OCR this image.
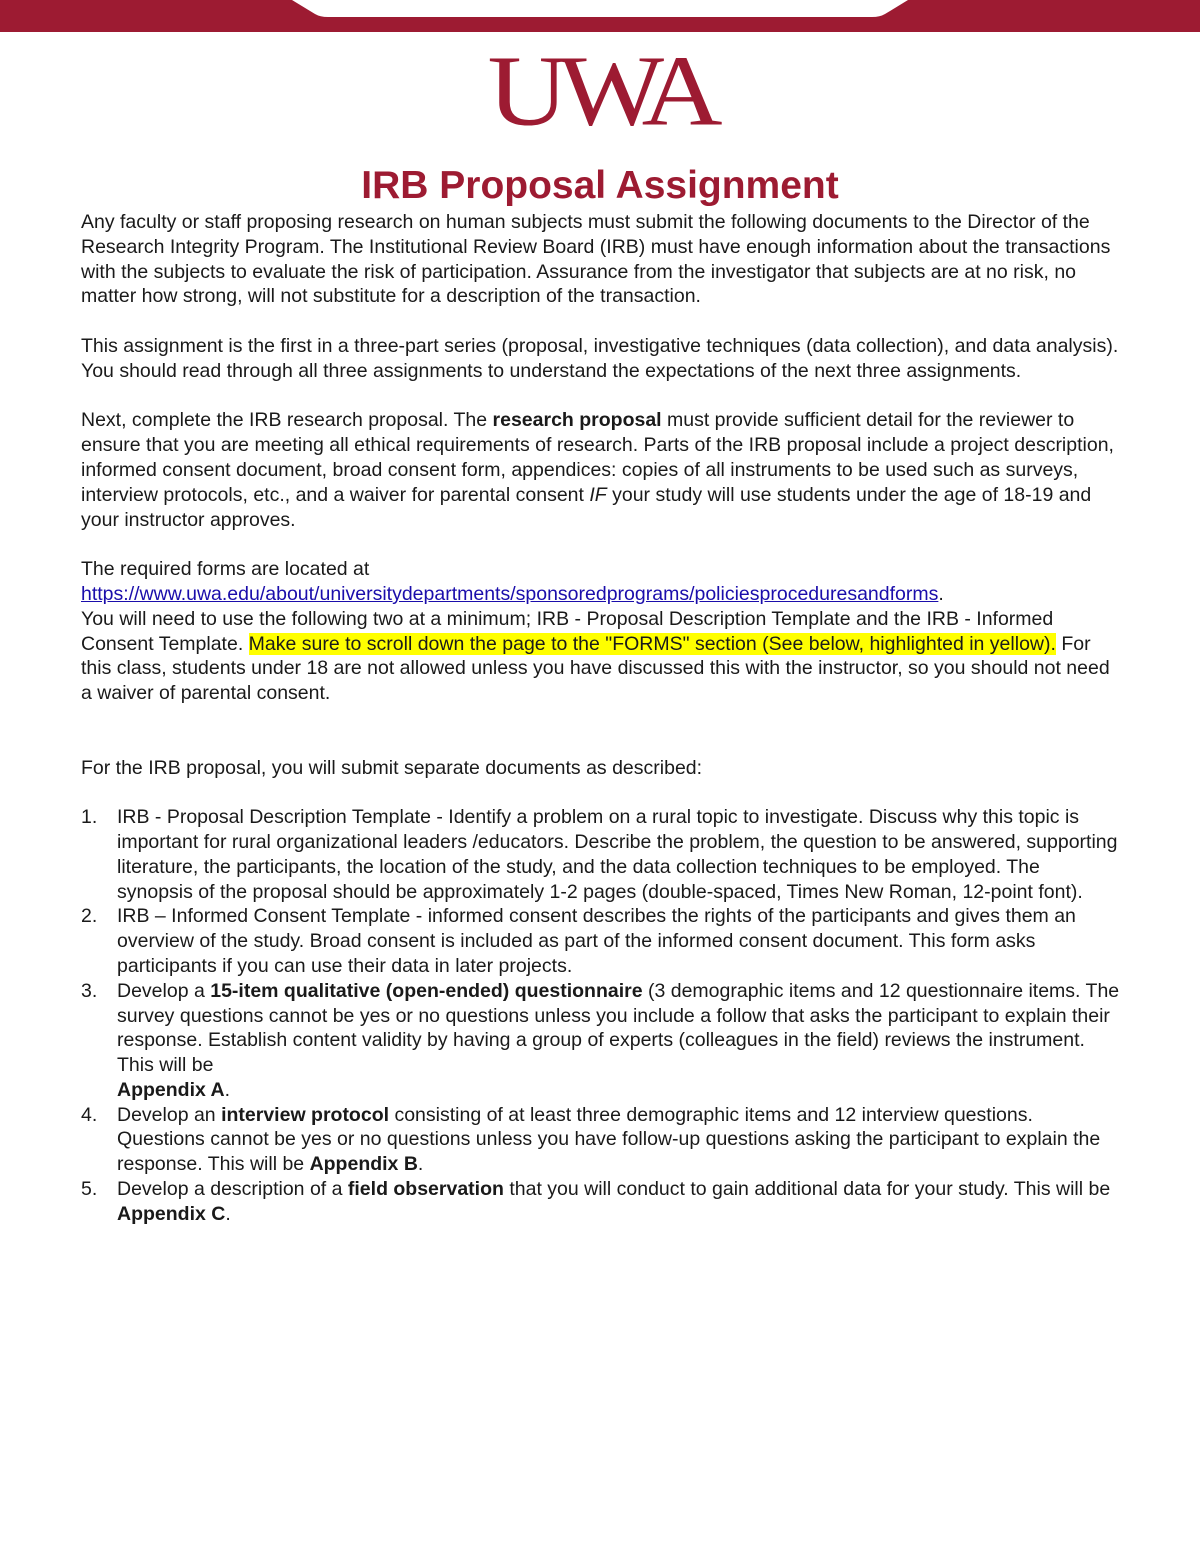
UWA
IRB Proposal Assignment

Any faculty or staff proposing research on human subjects must submit the following documents to the Director of the Research Integrity Program. The Institutional Review Board (IRB) must have enough information about the transactions with the subjects to evaluate the risk of participation. Assurance from the investigator that subjects are at no risk, no matter how strong, will not substitute for a description of the transaction.

This assignment is the first in a three-part series (proposal, investigative techniques (data collection), and data analysis). You should read through all three assignments to understand the expectations of the next three assignments.

Next, complete the IRB research proposal. The research proposal must provide sufficient detail for the reviewer to ensure that you are meeting all ethical requirements of research. Parts of the IRB proposal include a project description, informed consent document, broad consent form, appendices: copies of all instruments to be used such as surveys, interview protocols, etc., and a waiver for parental consent IF your study will use students under the age of 18-19 and your instructor approves.

The required forms are located at

https://www.uwa.edu/about/universitydepartments/sponsoredprograms/policiesproceduresandforms.

You will need to use the following two at a minimum; IRB - Proposal Description Template and the IRB - Informed Consent Template. Make sure to scroll down the page to the "FORMS" section (See below, highlighted in yellow). For this class, students under 18 are not allowed unless you have discussed this with the instructor, so you should not need a waiver of parental consent.

For the IRB proposal, you will submit separate documents as described:

1. IRB - Proposal Description Template - Identify a problem on a rural topic to investigate. Discuss why this topic is important for rural organizational leaders /educators. Describe the problem, the question to be answered, supporting literature, the participants, the location of the study, and the data collection techniques to be employed. The synopsis of the proposal should be approximately 1-2 pages (double-spaced, Times New Roman, 12-point font).
2. IRB – Informed Consent Template - informed consent describes the rights of the participants and gives them an overview of the study. Broad consent is included as part of the informed consent document. This form asks participants if you can use their data in later projects.
3. Develop a 15-item qualitative (open-ended) questionnaire (3 demographic items and 12 questionnaire items. The survey questions cannot be yes or no questions unless you include a follow that asks the participant to explain their response. Establish content validity by having a group of experts (colleagues in the field) reviews the instrument. This will be
Appendix A.
4. Develop an interview protocol consisting of at least three demographic items and 12 interview questions. Questions cannot be yes or no questions unless you have follow-up questions asking the participant to explain the response. This will be Appendix B.
5. Develop a description of a field observation that you will conduct to gain additional data for your study. This will be Appendix C.
